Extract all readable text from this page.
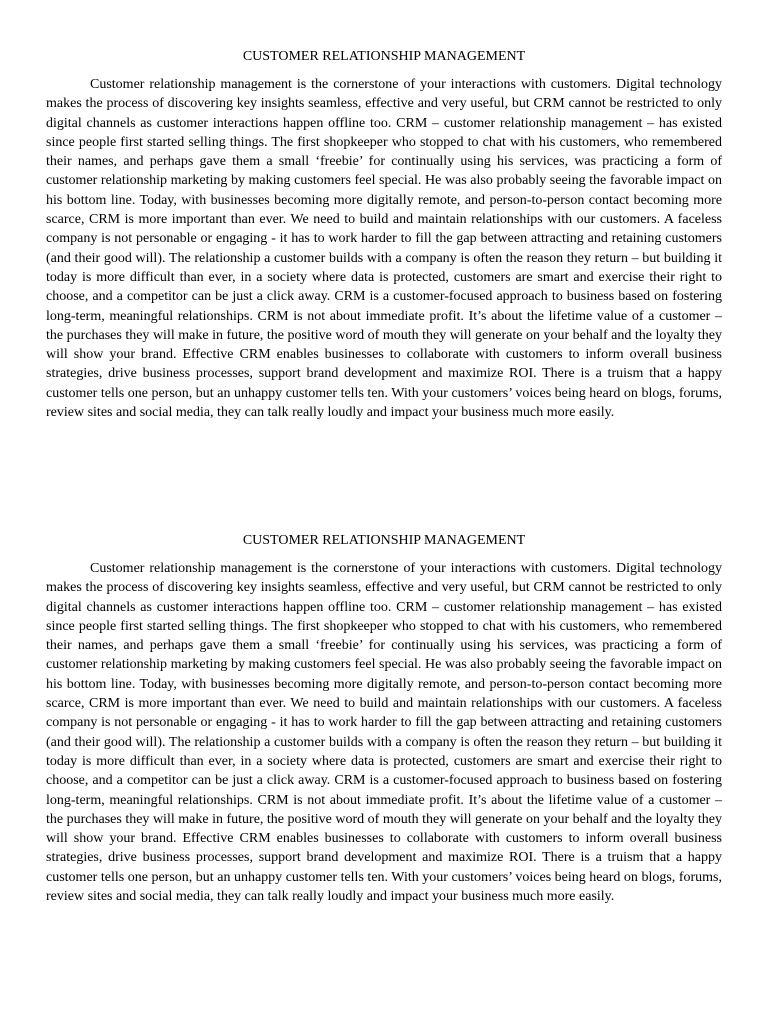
CUSTOMER RELATIONSHIP MANAGEMENT

Customer relationship management is the cornerstone of your interactions with customers. Digital technology makes the process of discovering key insights seamless, effective and very useful, but CRM cannot be restricted to only digital channels as customer interactions happen offline too. CRM – customer relationship management – has existed since people first started selling things. The first shopkeeper who stopped to chat with his customers, who remembered their names, and perhaps gave them a small ‘freebie’ for continually using his services, was practicing a form of customer relationship marketing by making customers feel special. He was also probably seeing the favorable impact on his bottom line. Today, with businesses becoming more digitally remote, and person-to-person contact becoming more scarce, CRM is more important than ever. We need to build and maintain relationships with our customers. A faceless company is not personable or engaging - it has to work harder to fill the gap between attracting and retaining customers (and their good will). The relationship a customer builds with a company is often the reason they return – but building it today is more difficult than ever, in a society where data is protected, customers are smart and exercise their right to choose, and a competitor can be just a click away. CRM is a customer-focused approach to business based on fostering long-term, meaningful relationships. CRM is not about immediate profit. It’s about the lifetime value of a customer – the purchases they will make in future, the positive word of mouth they will generate on your behalf and the loyalty they will show your brand. Effective CRM enables businesses to collaborate with customers to inform overall business strategies, drive business processes, support brand development and maximize ROI. There is a truism that a happy customer tells one person, but an unhappy customer tells ten. With your customers’ voices being heard on blogs, forums, review sites and social media, they can talk really loudly and impact your business much more easily.

CUSTOMER RELATIONSHIP MANAGEMENT

Customer relationship management is the cornerstone of your interactions with customers. Digital technology makes the process of discovering key insights seamless, effective and very useful, but CRM cannot be restricted to only digital channels as customer interactions happen offline too. CRM – customer relationship management – has existed since people first started selling things. The first shopkeeper who stopped to chat with his customers, who remembered their names, and perhaps gave them a small ‘freebie’ for continually using his services, was practicing a form of customer relationship marketing by making customers feel special. He was also probably seeing the favorable impact on his bottom line. Today, with businesses becoming more digitally remote, and person-to-person contact becoming more scarce, CRM is more important than ever. We need to build and maintain relationships with our customers. A faceless company is not personable or engaging - it has to work harder to fill the gap between attracting and retaining customers (and their good will). The relationship a customer builds with a company is often the reason they return – but building it today is more difficult than ever, in a society where data is protected, customers are smart and exercise their right to choose, and a competitor can be just a click away. CRM is a customer-focused approach to business based on fostering long-term, meaningful relationships. CRM is not about immediate profit. It’s about the lifetime value of a customer – the purchases they will make in future, the positive word of mouth they will generate on your behalf and the loyalty they will show your brand. Effective CRM enables businesses to collaborate with customers to inform overall business strategies, drive business processes, support brand development and maximize ROI. There is a truism that a happy customer tells one person, but an unhappy customer tells ten. With your customers’ voices being heard on blogs, forums, review sites and social media, they can talk really loudly and impact your business much more easily.
